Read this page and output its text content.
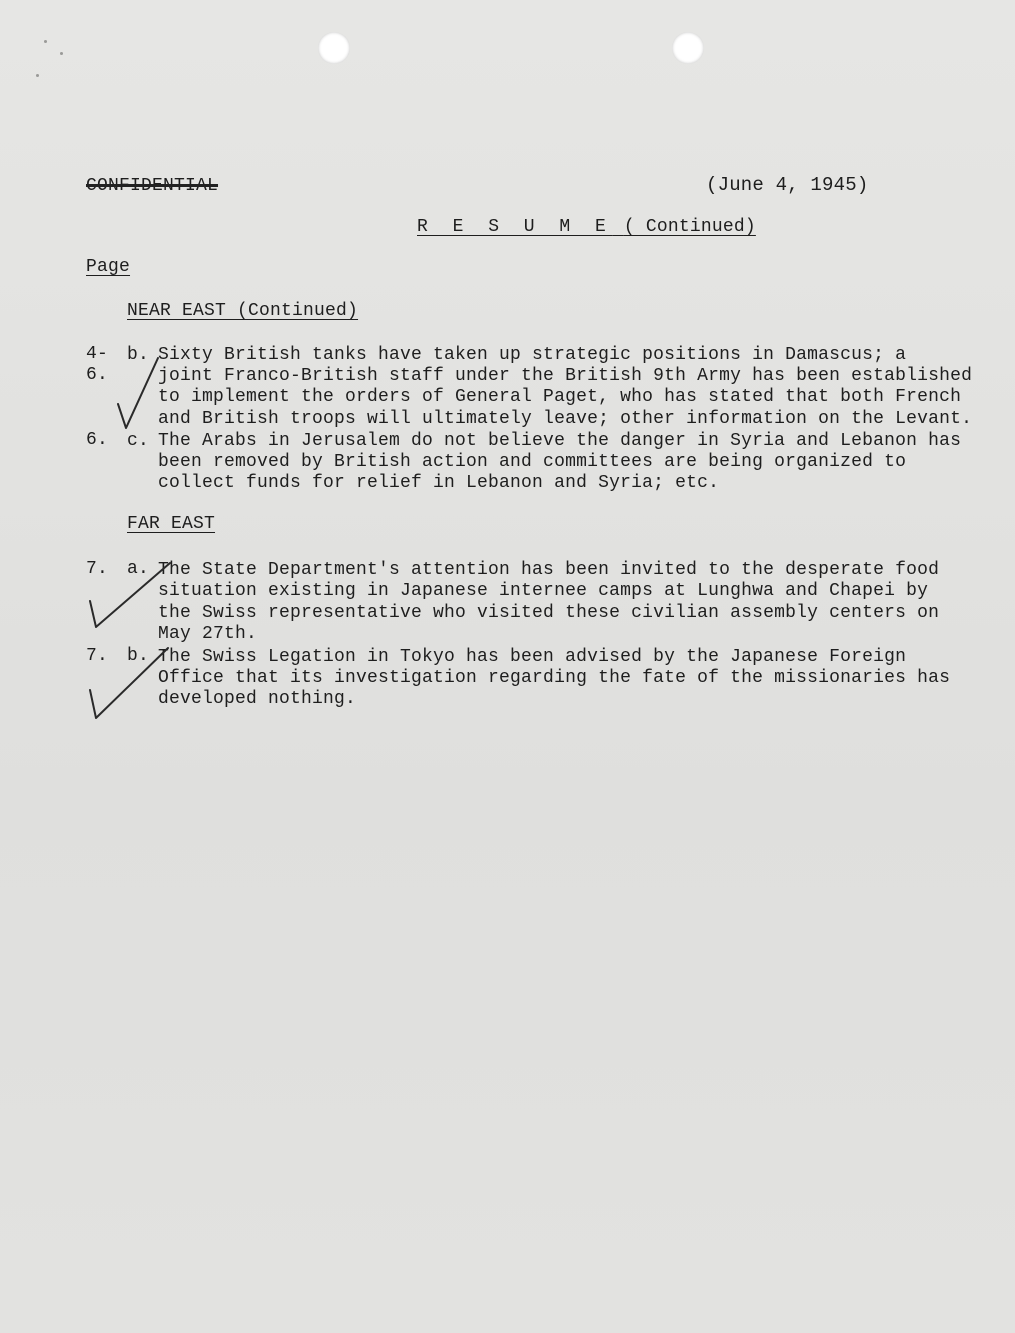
CONFIDENTIAL	(June 4, 1945)
R E S U M E ( Continued)
Page
NEAR EAST (Continued)
4-
6.
b. Sixty British tanks have taken up strategic positions in Damascus; a
joint Franco-British staff under the British 9th Army has been established
to implement the orders of General Paget, who has stated that both French
and British troops will ultimately leave; other information on the Levant.
6. c. The Arabs in Jerusalem do not believe the danger in Syria and Lebanon has
been removed by British action and committees are being organized to
collect funds for relief in Lebanon and Syria; etc.
FAR EAST
7. a. The State Department's attention has been invited to the desperate food
situation existing in Japanese internee camps at Lunghwa and Chapei by
the Swiss representative who visited these civilian assembly centers on
May 27th.
7. b. The Swiss Legation in Tokyo has been advised by the Japanese Foreign
Office that its investigation regarding the fate of the missionaries has
developed nothing.
